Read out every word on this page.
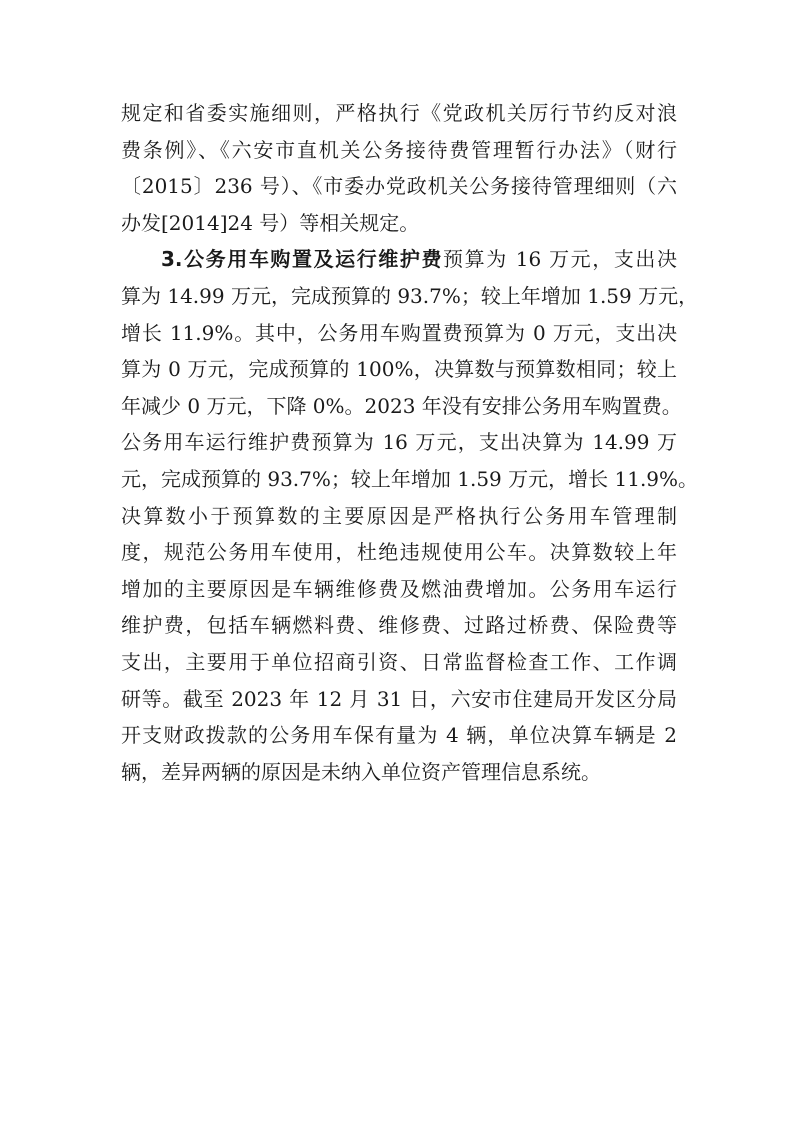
规定和省委实施细则，严格执行《党政机关厉行节约反对浪
费条例》、《六安市直机关公务接待费管理暂行办法》（财行
〔2015〕236 号）、《市委办党政机关公务接待管理细则（六
办发[2014]24 号）等相关规定。
3.公务用车购置及运行维护费预算为 16 万元，支出决
算为 14.99 万元，完成预算的 93.7%；较上年增加 1.59 万元，
增长 11.9%。其中，公务用车购置费预算为 0 万元，支出决
算为 0 万元，完成预算的 100%，决算数与预算数相同；较上
年减少 0 万元，下降 0%。2023 年没有安排公务用车购置费。
公务用车运行维护费预算为 16 万元，支出决算为 14.99 万
元，完成预算的 93.7%；较上年增加 1.59 万元，增长 11.9%。
决算数小于预算数的主要原因是严格执行公务用车管理制
度，规范公务用车使用，杜绝违规使用公车。决算数较上年
增加的主要原因是车辆维修费及燃油费增加。公务用车运行
维护费，包括车辆燃料费、维修费、过路过桥费、保险费等
支出，主要用于单位招商引资、日常监督检查工作、工作调
研等。截至 2023 年 12 月 31 日，六安市住建局开发区分局
开支财政拨款的公务用车保有量为 4 辆，单位决算车辆是 2
辆，差异两辆的原因是未纳入单位资产管理信息系统。
